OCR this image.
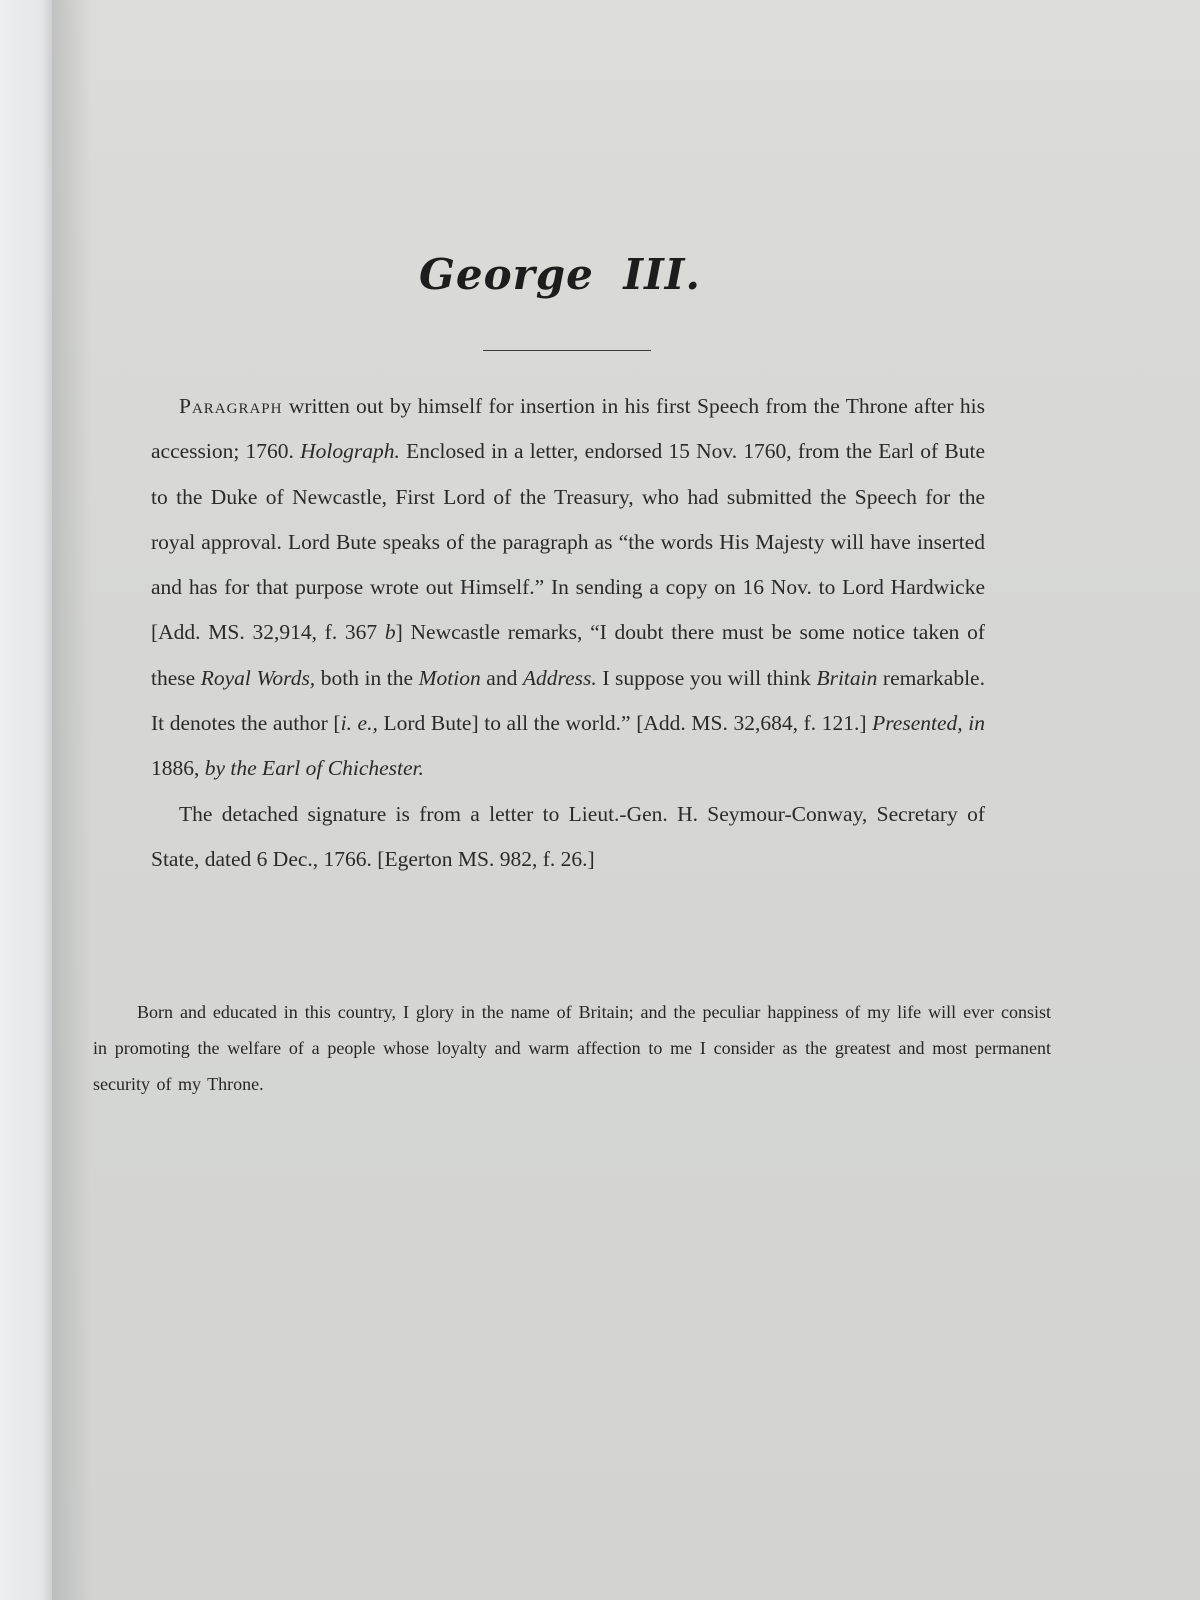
George III.

Paragraph written out by himself for insertion in his first Speech from the Throne after his accession; 1760. Holograph. Enclosed in a letter, endorsed 15 Nov. 1760, from the Earl of Bute to the Duke of Newcastle, First Lord of the Treasury, who had submitted the Speech for the royal approval. Lord Bute speaks of the paragraph as “the words His Majesty will have inserted and has for that purpose wrote out Himself.” In sending a copy on 16 Nov. to Lord Hardwicke [Add. MS. 32,914, f. 367 b] Newcastle remarks, “I doubt there must be some notice taken of these Royal Words, both in the Motion and Address. I suppose you will think Britain remarkable. It denotes the author [i. e., Lord Bute] to all the world.” [Add. MS. 32,684, f. 121.] Presented, in 1886, by the Earl of Chichester.

The detached signature is from a letter to Lieut.-Gen. H. Seymour-Conway, Secretary of State, dated 6 Dec., 1766. [Egerton MS. 982, f. 26.]

Born and educated in this country, I glory in the name of Britain; and the peculiar happiness of my life will ever consist in promoting the welfare of a people whose loyalty and warm affection to me I consider as the greatest and most permanent security of my Throne.
